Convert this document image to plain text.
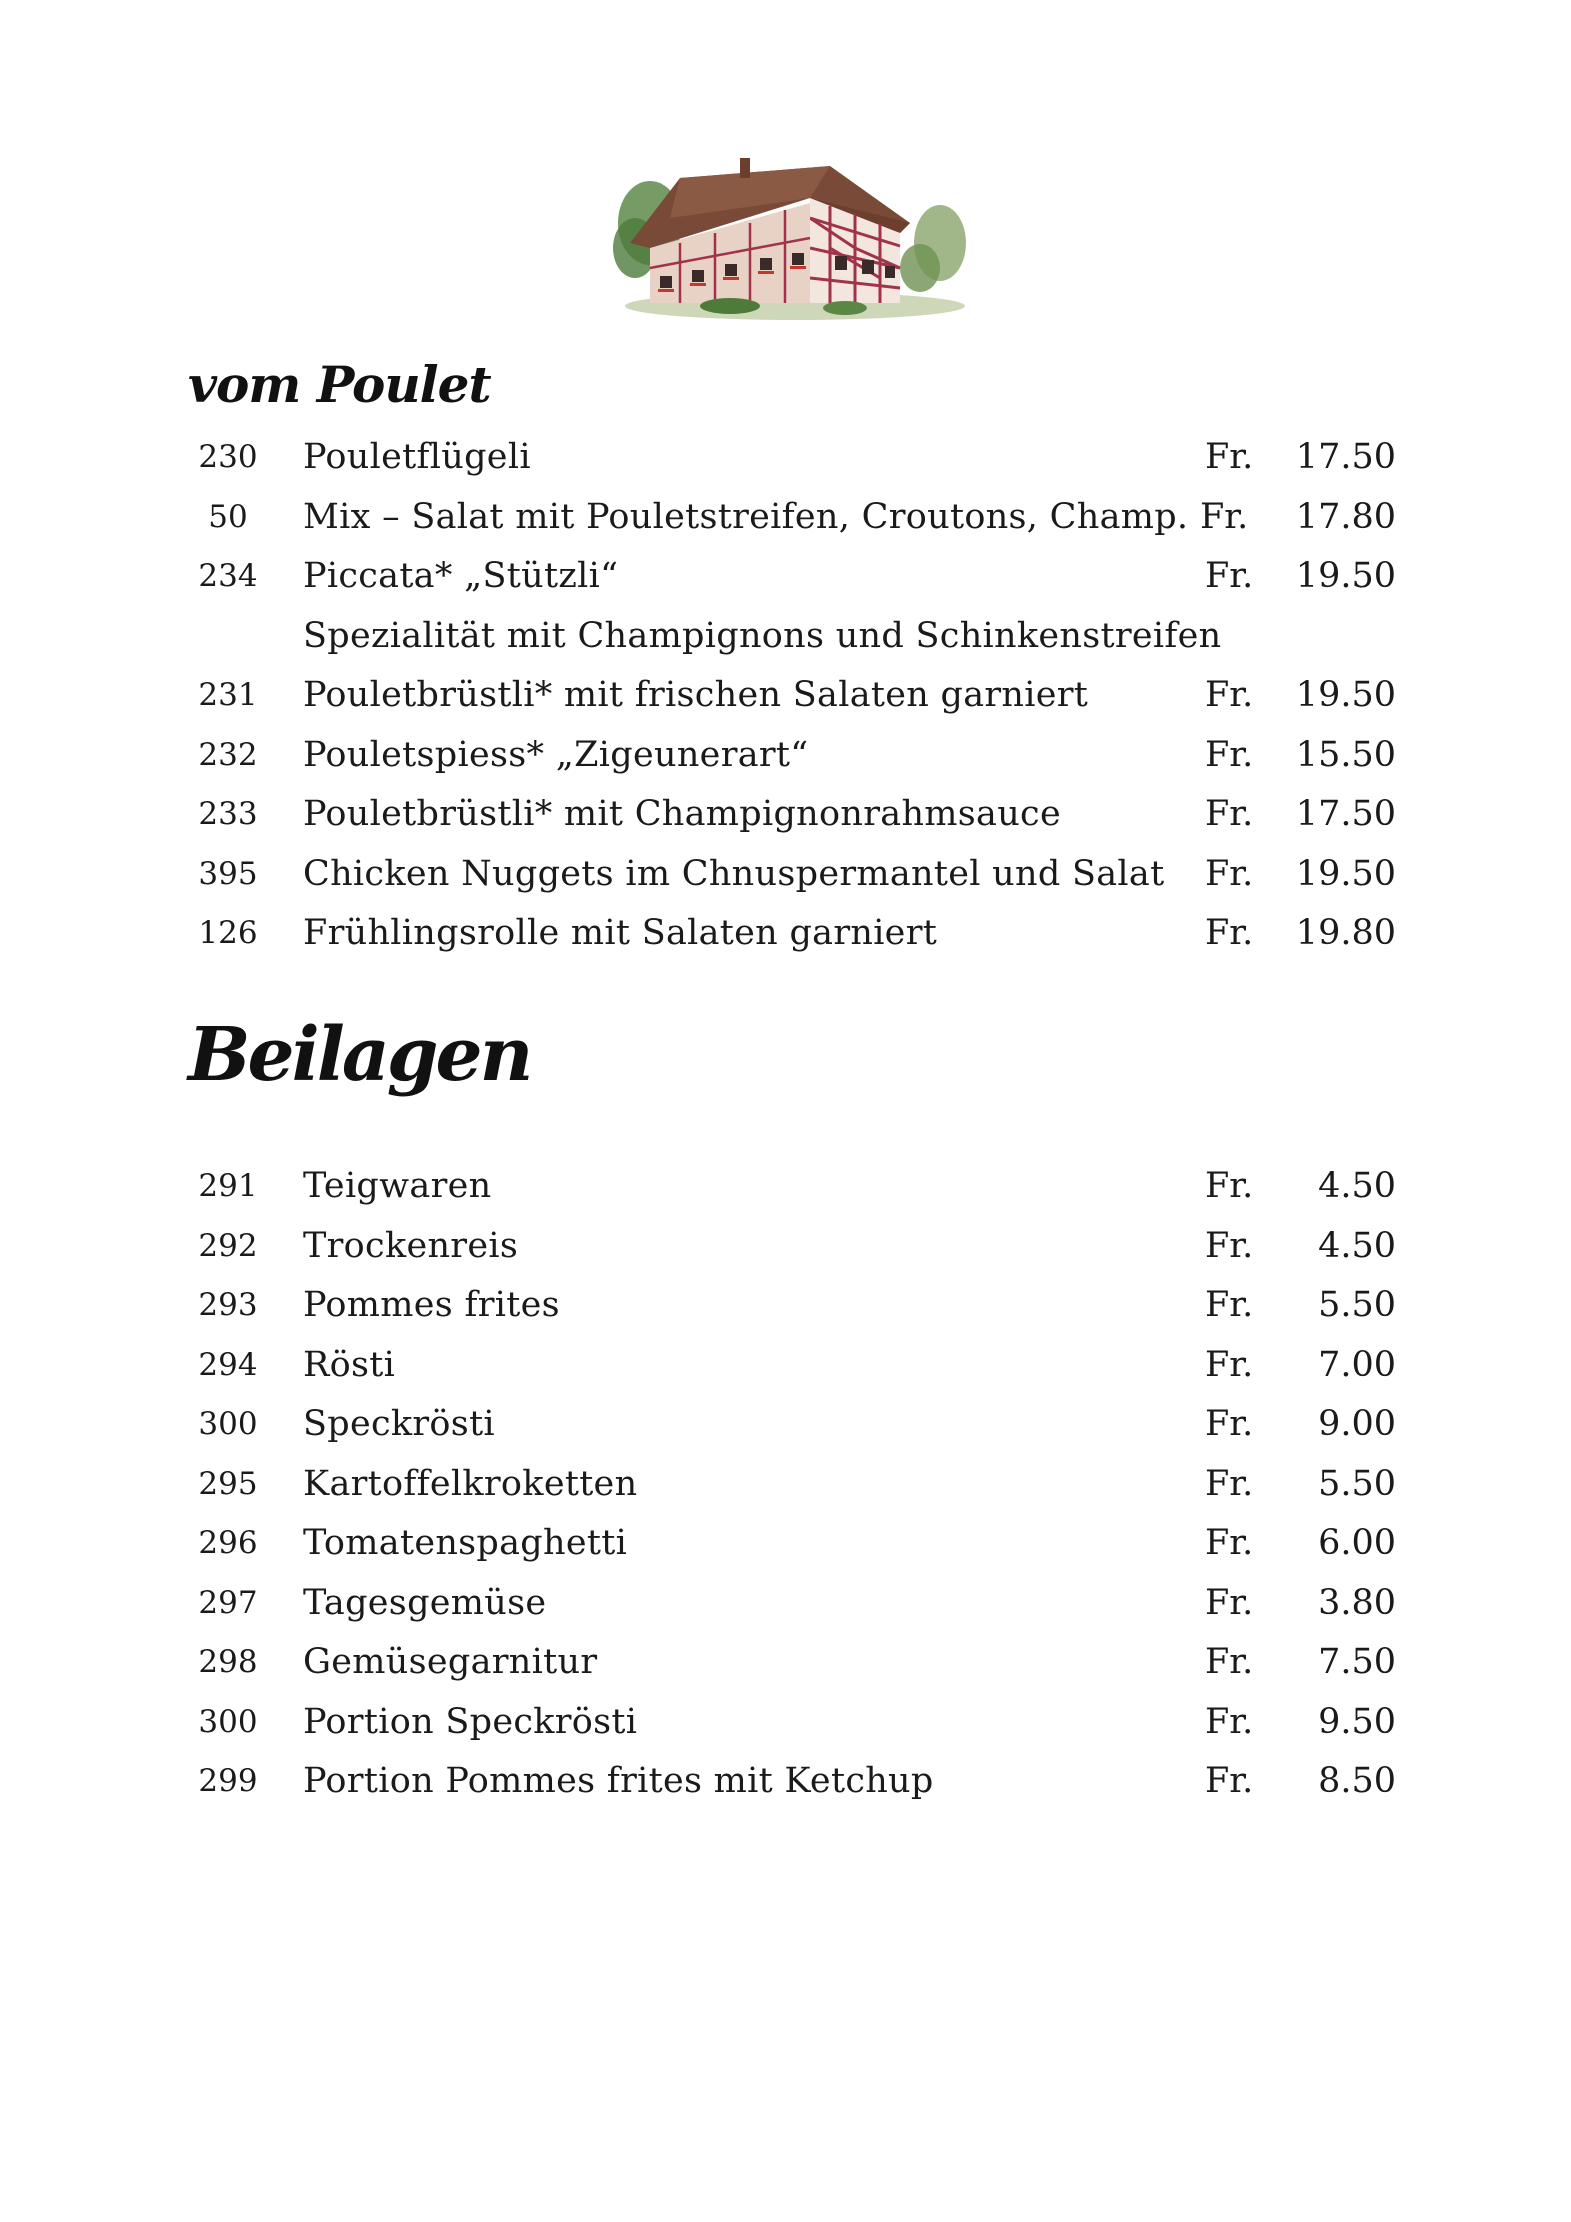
vom Poulet
230 Pouletflügeli	Fr. 17.50
50	Mix – Salat mit Pouletstreifen, Croutons, Champ. Fr. 17.80
234 Piccata* „Stützli“	Fr. 19.50
Spezialität mit Champignons und Schinkenstreifen
231 Pouletbrüstli* mit frischen Salaten garniert	Fr. 19.50
232 Pouletspiess* „Zigeunerart“	Fr. 15.50
233 Pouletbrüstli* mit Champignonrahmsauce	Fr. 17.50
395 Chicken Nuggets im Chnuspermantel und Salat Fr. 19.50
126 Frühlingsrolle mit Salaten garniert	Fr. 19.80
Beilagen
291 Teigwaren	Fr. 4.50
292 Trockenreis	Fr. 4.50
293 Pommes frites	Fr. 5.50
294 Rösti	Fr. 7.00
300 Speckrösti	Fr. 9.00
295 Kartoffelkroketten	Fr. 5.50
296 Tomatenspaghetti	Fr. 6.00
297 Tagesgemüse	Fr. 3.80
298 Gemüsegarnitur	Fr. 7.50
300 Portion Speckrösti	Fr. 9.50
299 Portion Pommes frites mit Ketchup	Fr. 8.50
